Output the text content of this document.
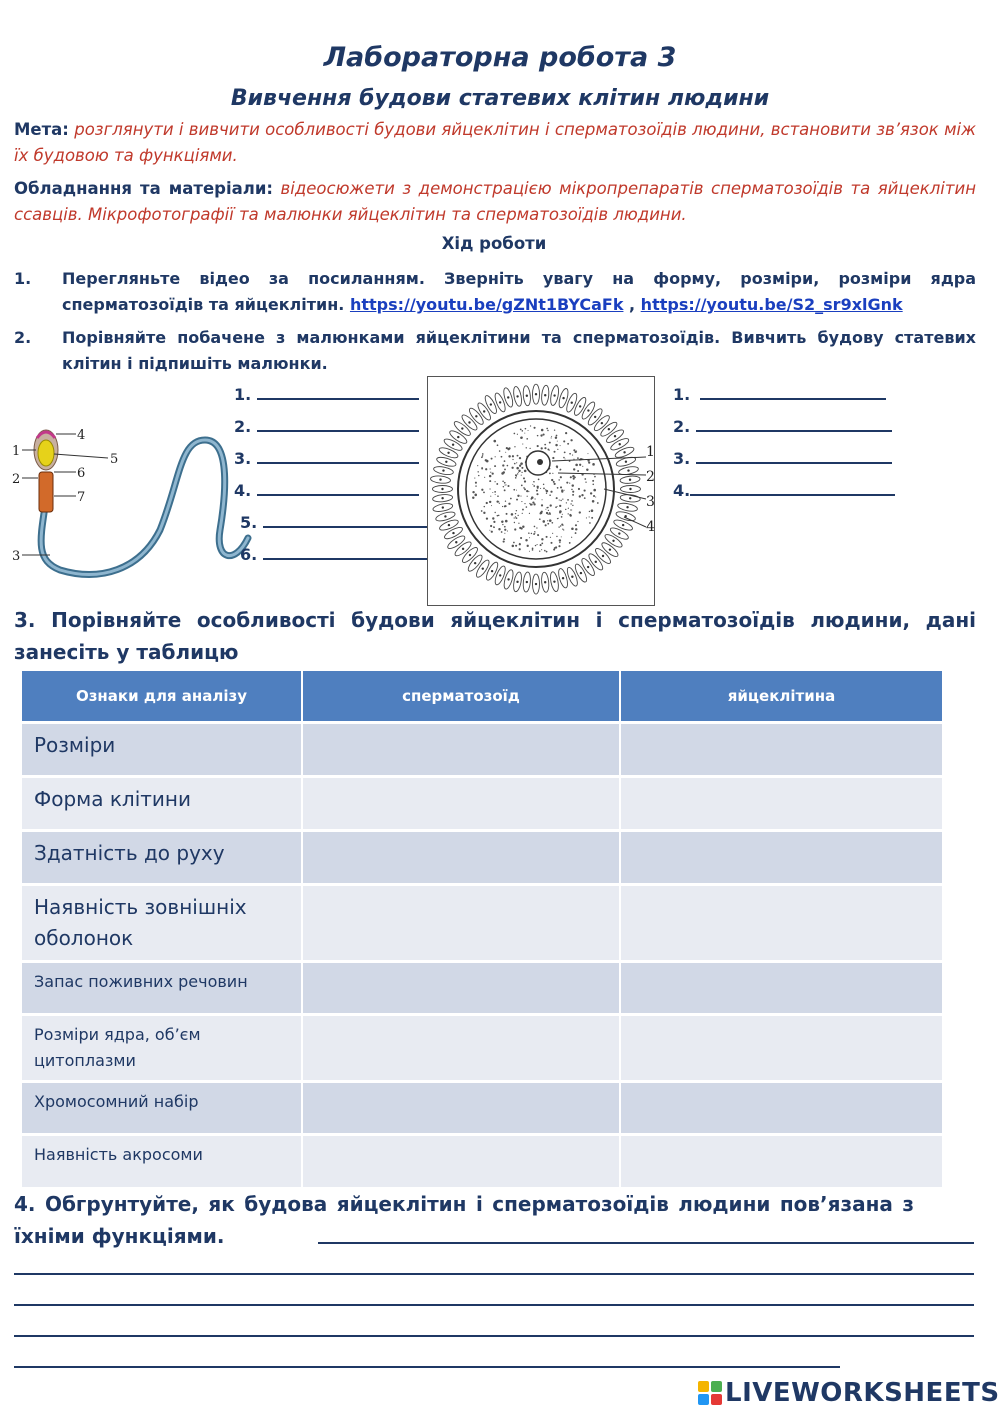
Лабораторна робота 3
Вивчення будови статевих клітин людини
Мета: розглянути і вивчити особливості будови яйцеклітин і сперматозоїдів людини, встановити зв’язок між їх будовою та функціями.
Обладнання та матеріали: відеосюжети з демонстрацією мікропрепаратів сперматозоїдів та яйцеклітин ссавців. Мікрофотографії та малюнки яйцеклітин та сперматозоїдів людини.
Хід роботи
1.	Перегляньте відео за посиланням. Зверніть увагу на форму, розміри, розміри ядра сперматозоїдів та яйцеклітин. https://youtu.be/gZNt1BYCaFk , https://youtu.be/S2_sr9xlGnk
2.	Порівняйте побачене з малюнками яйцеклітини та сперматозоїдів. Вивчить будову статевих клітин і підпишіть малюнки.
1
2
3
4
5
6
7
1.
2.
3.
4.
5.
6.
1
2
3
4
1.
2.
3.
4.
3. Порівняйте особливості будови яйцеклітин і сперматозоїдів людини, дані занесіть у таблицю
Ознаки для аналізу	сперматозоїд	яйцеклітина
Розміри		
Форма клітини		
Здатність до руху		
Наявність зовнішніх оболонок		
Запас поживних речовин		
Розміри ядра, об’єм цитоплазми		
Хромосомний набір		
Наявність акросоми		
4. Обгрунтуйте, як будова яйцеклітин і сперматозоїдів людини пов’язана з їхніми функціями.
LIVEWORKSHEETS
